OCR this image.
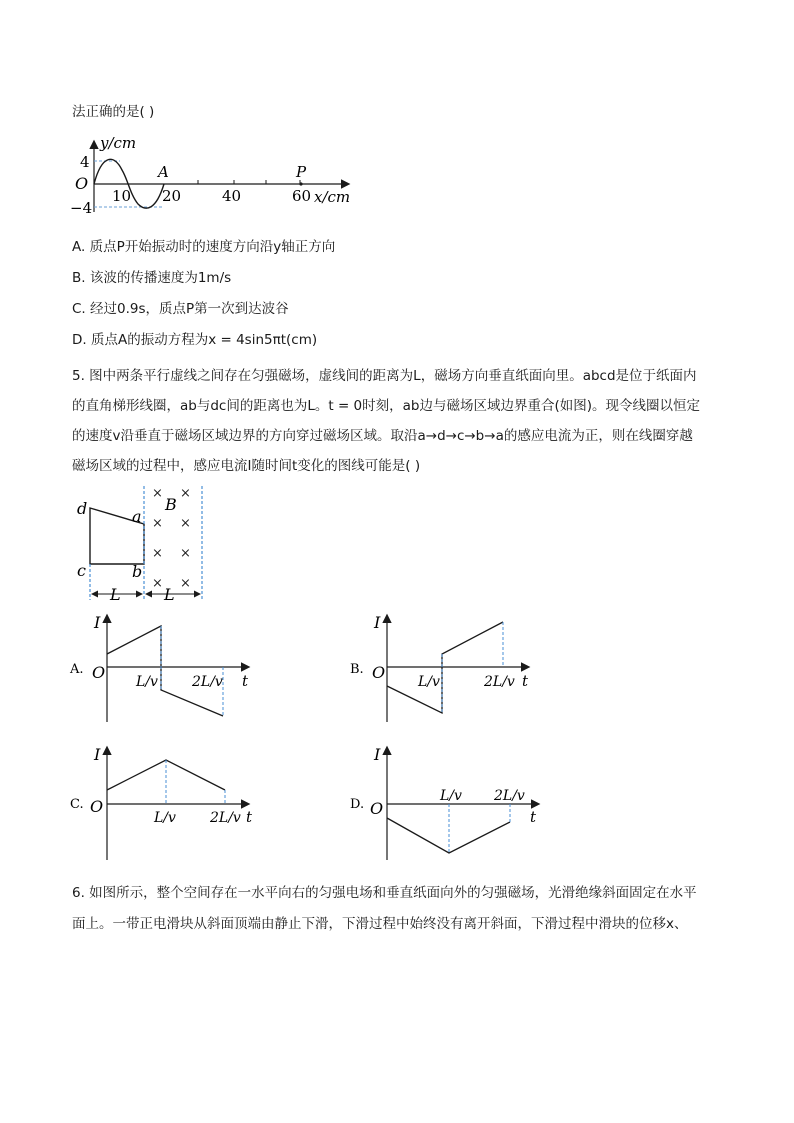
法正确的是( )
y/cm
x/cm
O
4
−4
10 20	40	60
A	P
A. 质点P开始振动时的速度方向沿y轴正方向
B. 该波的传播速度为1m/s
C. 经过0.9s，质点P第一次到达波谷
D. 质点A的振动方程为x = 4sin5πt(cm)
5. 图中两条平行虚线之间存在匀强磁场，虚线间的距离为L，磁场方向垂直纸面向里。abcd是位于纸面内
的直角梯形线圈，ab与dc间的距离也为L。t = 0时刻，ab边与磁场区域边界重合(如图)。现令线圈以恒定
的速度v沿垂直于磁场区域边界的方向穿过磁场区域。取沿a→d→c→b→a的感应电流为正，则在线圈穿越
磁场区域的过程中，感应电流I随时间t变化的图线可能是( )
d	a
c	b
B
L	L
× ×
× ×
× ×
× ×
A.
I
O L/v 2L/v t
B.
I
O L/v	2L/v t
C.
I
O
L/v 2L/v t
D.
I
O
L/v 2L/v
t
6. 如图所示，整个空间存在一水平向右的匀强电场和垂直纸面向外的匀强磁场，光滑绝缘斜面固定在水平
面上。一带正电滑块从斜面顶端由静止下滑，下滑过程中始终没有离开斜面，下滑过程中滑块的位移x、
